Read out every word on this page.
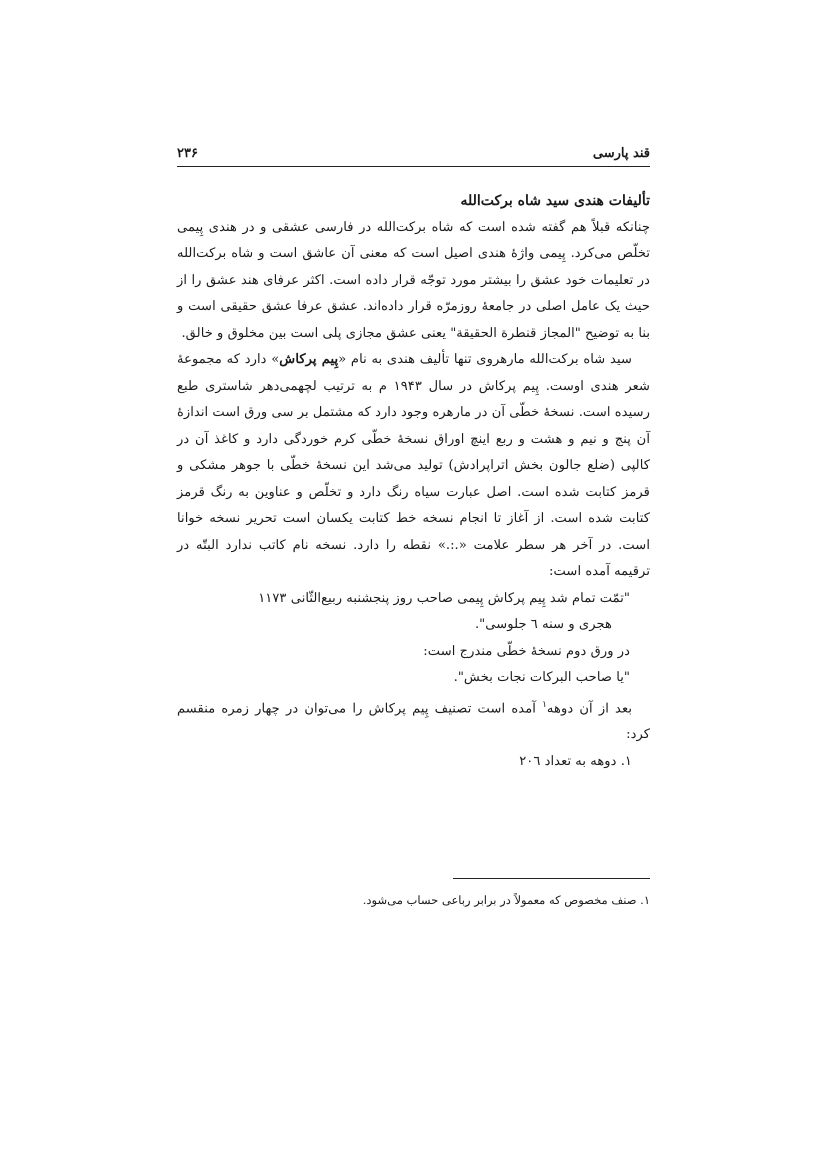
قند پارسی
۲۳۶

تألیفات هندی سید شاه برکت‌الله

چنانکه قبلاً هم گفته شده است که شاه برکت‌الله در فارسی عشقی و در هندی پِیمی تخلّص می‌کرد. پِیمی واژهٔ هندی اصیل است که معنی آن عاشق است و شاه برکت‌الله در تعلیمات خود عشق را بیشتر مورد توجّه قرار داده است. اکثر عرفای هند عشق را از حیث یک عامل اصلی در جامعهٔ روزمرّه قرار داده‌اند. عشق عرفا عشق حقیقی است و بنا به توضیح "المجاز قنطرة الحقیقة" یعنی عشق مجازی پلی است بین مخلوق و خالق.

سید شاه برکت‌الله مارهروی تنها تألیف هندی به نام «پِیم پرکاش» دارد که مجموعهٔ شعر هندی اوست. پِیم پرکاش در سال ۱۹۴۳ م به ترتیب لچهمی‌دهر شاستری طبع رسیده است. نسخهٔ خطّی آن در مارهره وجود دارد که مشتمل بر سی ورق است اندازهٔ آن پنج و نیم و هشت و ربع اینچ اوراق نسخهٔ خطّی کرم خوردگی دارد و کاغذ آن در کالپی (ضلع جالون بخش اتراپرادش) تولید می‌شد این نسخهٔ خطّی با جوهر مشکی و قرمز کتابت شده است. اصل عبارت سیاه رنگ دارد و تخلّص و عناوین به رنگ قرمز کتابت شده است. از آغاز تا انجام نسخه خط کتابت یکسان است تحریر نسخه خوانا است. در آخر هر سطر علامت «.:.» نقطه را دارد. نسخه نام کاتب ندارد البتّه در ترقیمه آمده است:

"تمّت تمام شد پِیم پرکاش پِیمی صاحب روز پنجشنبه ربیع‌الثّانی ۱۱۷۳

هجری و سنه ٦ جلوسی".

در ورق دوم نسخهٔ خطّی مندرج است:

"یا صاحب البرکات نجات بخش".

بعد از آن دوهه$^۱$ آمده است تصنیف پِیم پرکاش را می‌توان در چهار زمره منقسم کرد:

۱. دوهه به تعداد ۲۰٦

۱. صنف مخصوص که معمولاً در برابر رباعی حساب می‌شود.
